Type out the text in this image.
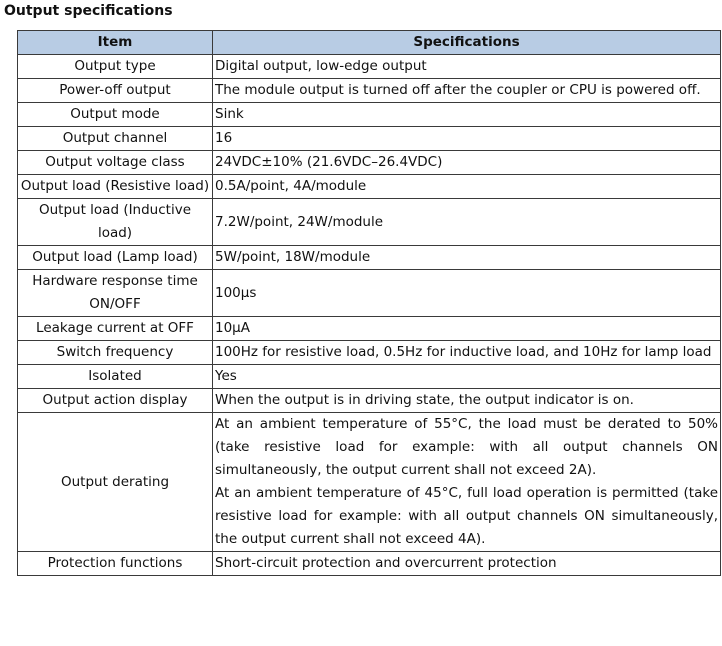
Output specifications
Item	Specifications
Output type	Digital output, low-edge output

Power-off output	The module output is turned off after the coupler or CPU is powered off.

Output mode	Sink

Output channel	16

Output voltage class	24VDC±10% (21.6VDC–26.4VDC)

Output load (Resistive load)	0.5A/point, 4A/module

Output load (Inductive load)	7.2W/point, 24W/module

Output load (Lamp load)	5W/point, 18W/module

Hardware response time ON/OFF	100μs

Leakage current at OFF	10μA

Switch frequency	100Hz for resistive load, 0.5Hz for inductive load, and 10Hz for lamp load

Isolated	Yes

Output action display	When the output is in driving state, the output indicator is on.

Output derating	At an ambient temperature of 55°C, the load must be derated to 50% (take resistive load for example: with all output channels ON simultaneously, the output current shall not exceed 2A).
At an ambient temperature of 45°C, full load operation is permitted (take resistive load for example: with all output channels ON simultaneously, the output current shall not exceed 4A).

Protection functions	Short-circuit protection and overcurrent protection
